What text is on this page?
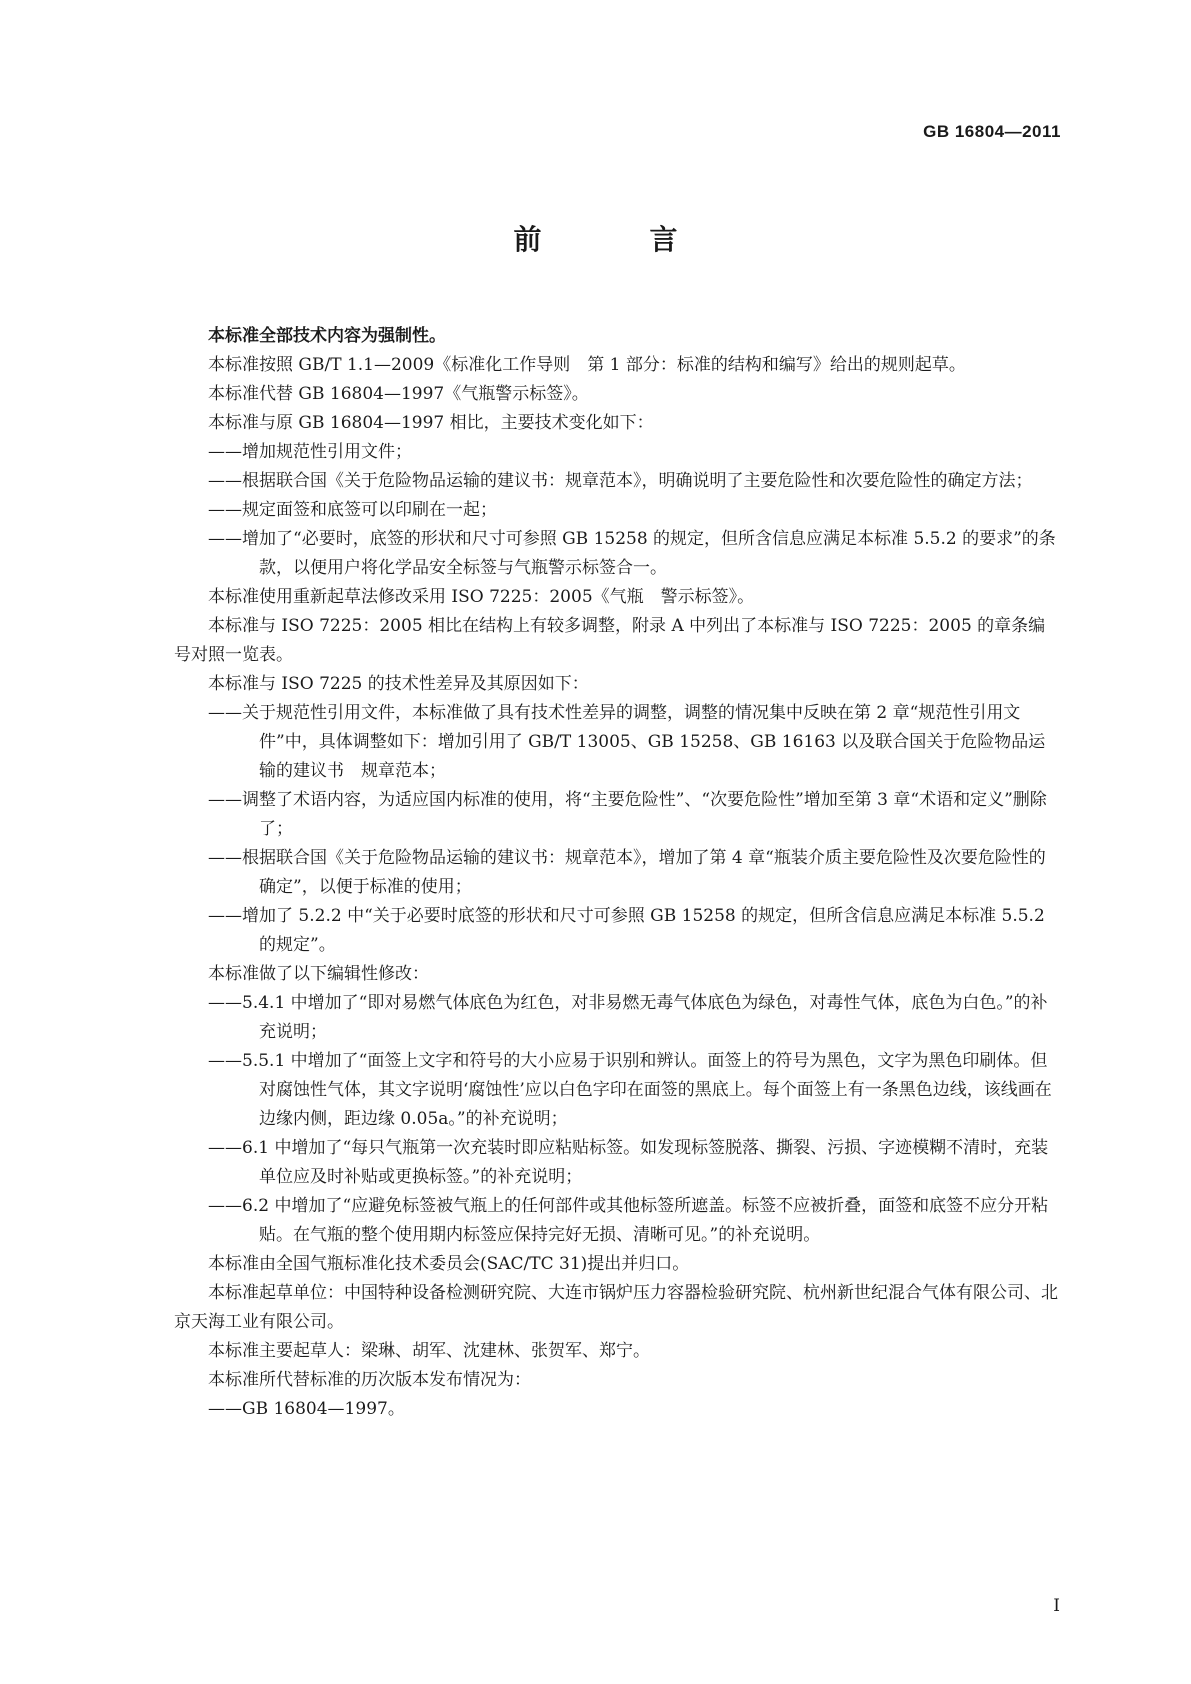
GB 16804—2011
前　言

本标准全部技术内容为强制性。

本标准按照 GB/T 1.1—2009《标准化工作导则　第 1 部分：标准的结构和编写》给出的规则起草。

本标准代替 GB 16804—1997《气瓶警示标签》。

本标准与原 GB 16804—1997 相比，主要技术变化如下：

——增加规范性引用文件；

——根据联合国《关于危险物品运输的建议书：规章范本》，明确说明了主要危险性和次要危险性的确定方法；

——规定面签和底签可以印刷在一起；

——增加了“必要时，底签的形状和尺寸可参照 GB 15258 的规定，但所含信息应满足本标准 5.5.2 的要求”的条款，以便用户将化学品安全标签与气瓶警示标签合一。

本标准使用重新起草法修改采用 ISO 7225：2005《气瓶　警示标签》。

本标准与 ISO 7225：2005 相比在结构上有较多调整，附录 A 中列出了本标准与 ISO 7225：2005 的章条编号对照一览表。

本标准与 ISO 7225 的技术性差异及其原因如下：

——关于规范性引用文件，本标准做了具有技术性差异的调整，调整的情况集中反映在第 2 章“规范性引用文件”中，具体调整如下：增加引用了 GB/T 13005、GB 15258、GB 16163 以及联合国关于危险物品运输的建议书　规章范本；

——调整了术语内容，为适应国内标准的使用，将“主要危险性”、“次要危险性”增加至第 3 章“术语和定义”删除了；

——根据联合国《关于危险物品运输的建议书：规章范本》，增加了第 4 章“瓶装介质主要危险性及次要危险性的确定”，以便于标准的使用；

——增加了 5.2.2 中“关于必要时底签的形状和尺寸可参照 GB 15258 的规定，但所含信息应满足本标准 5.5.2 的规定”。

本标准做了以下编辑性修改：

——5.4.1 中增加了“即对易燃气体底色为红色，对非易燃无毒气体底色为绿色，对毒性气体，底色为白色。”的补充说明；

——5.5.1 中增加了“面签上文字和符号的大小应易于识别和辨认。面签上的符号为黑色，文字为黑色印刷体。但对腐蚀性气体，其文字说明‘腐蚀性’应以白色字印在面签的黑底上。每个面签上有一条黑色边线，该线画在边缘内侧，距边缘 0.05a。”的补充说明；

——6.1 中增加了“每只气瓶第一次充装时即应粘贴标签。如发现标签脱落、撕裂、污损、字迹模糊不清时，充装单位应及时补贴或更换标签。”的补充说明；

——6.2 中增加了“应避免标签被气瓶上的任何部件或其他标签所遮盖。标签不应被折叠，面签和底签不应分开粘贴。在气瓶的整个使用期内标签应保持完好无损、清晰可见。”的补充说明。

本标准由全国气瓶标准化技术委员会(SAC/TC 31)提出并归口。

本标准起草单位：中国特种设备检测研究院、大连市锅炉压力容器检验研究院、杭州新世纪混合气体有限公司、北京天海工业有限公司。

本标准主要起草人：梁琳、胡军、沈建林、张贺军、郑宁。

本标准所代替标准的历次版本发布情况为：

——GB 16804—1997。

I
